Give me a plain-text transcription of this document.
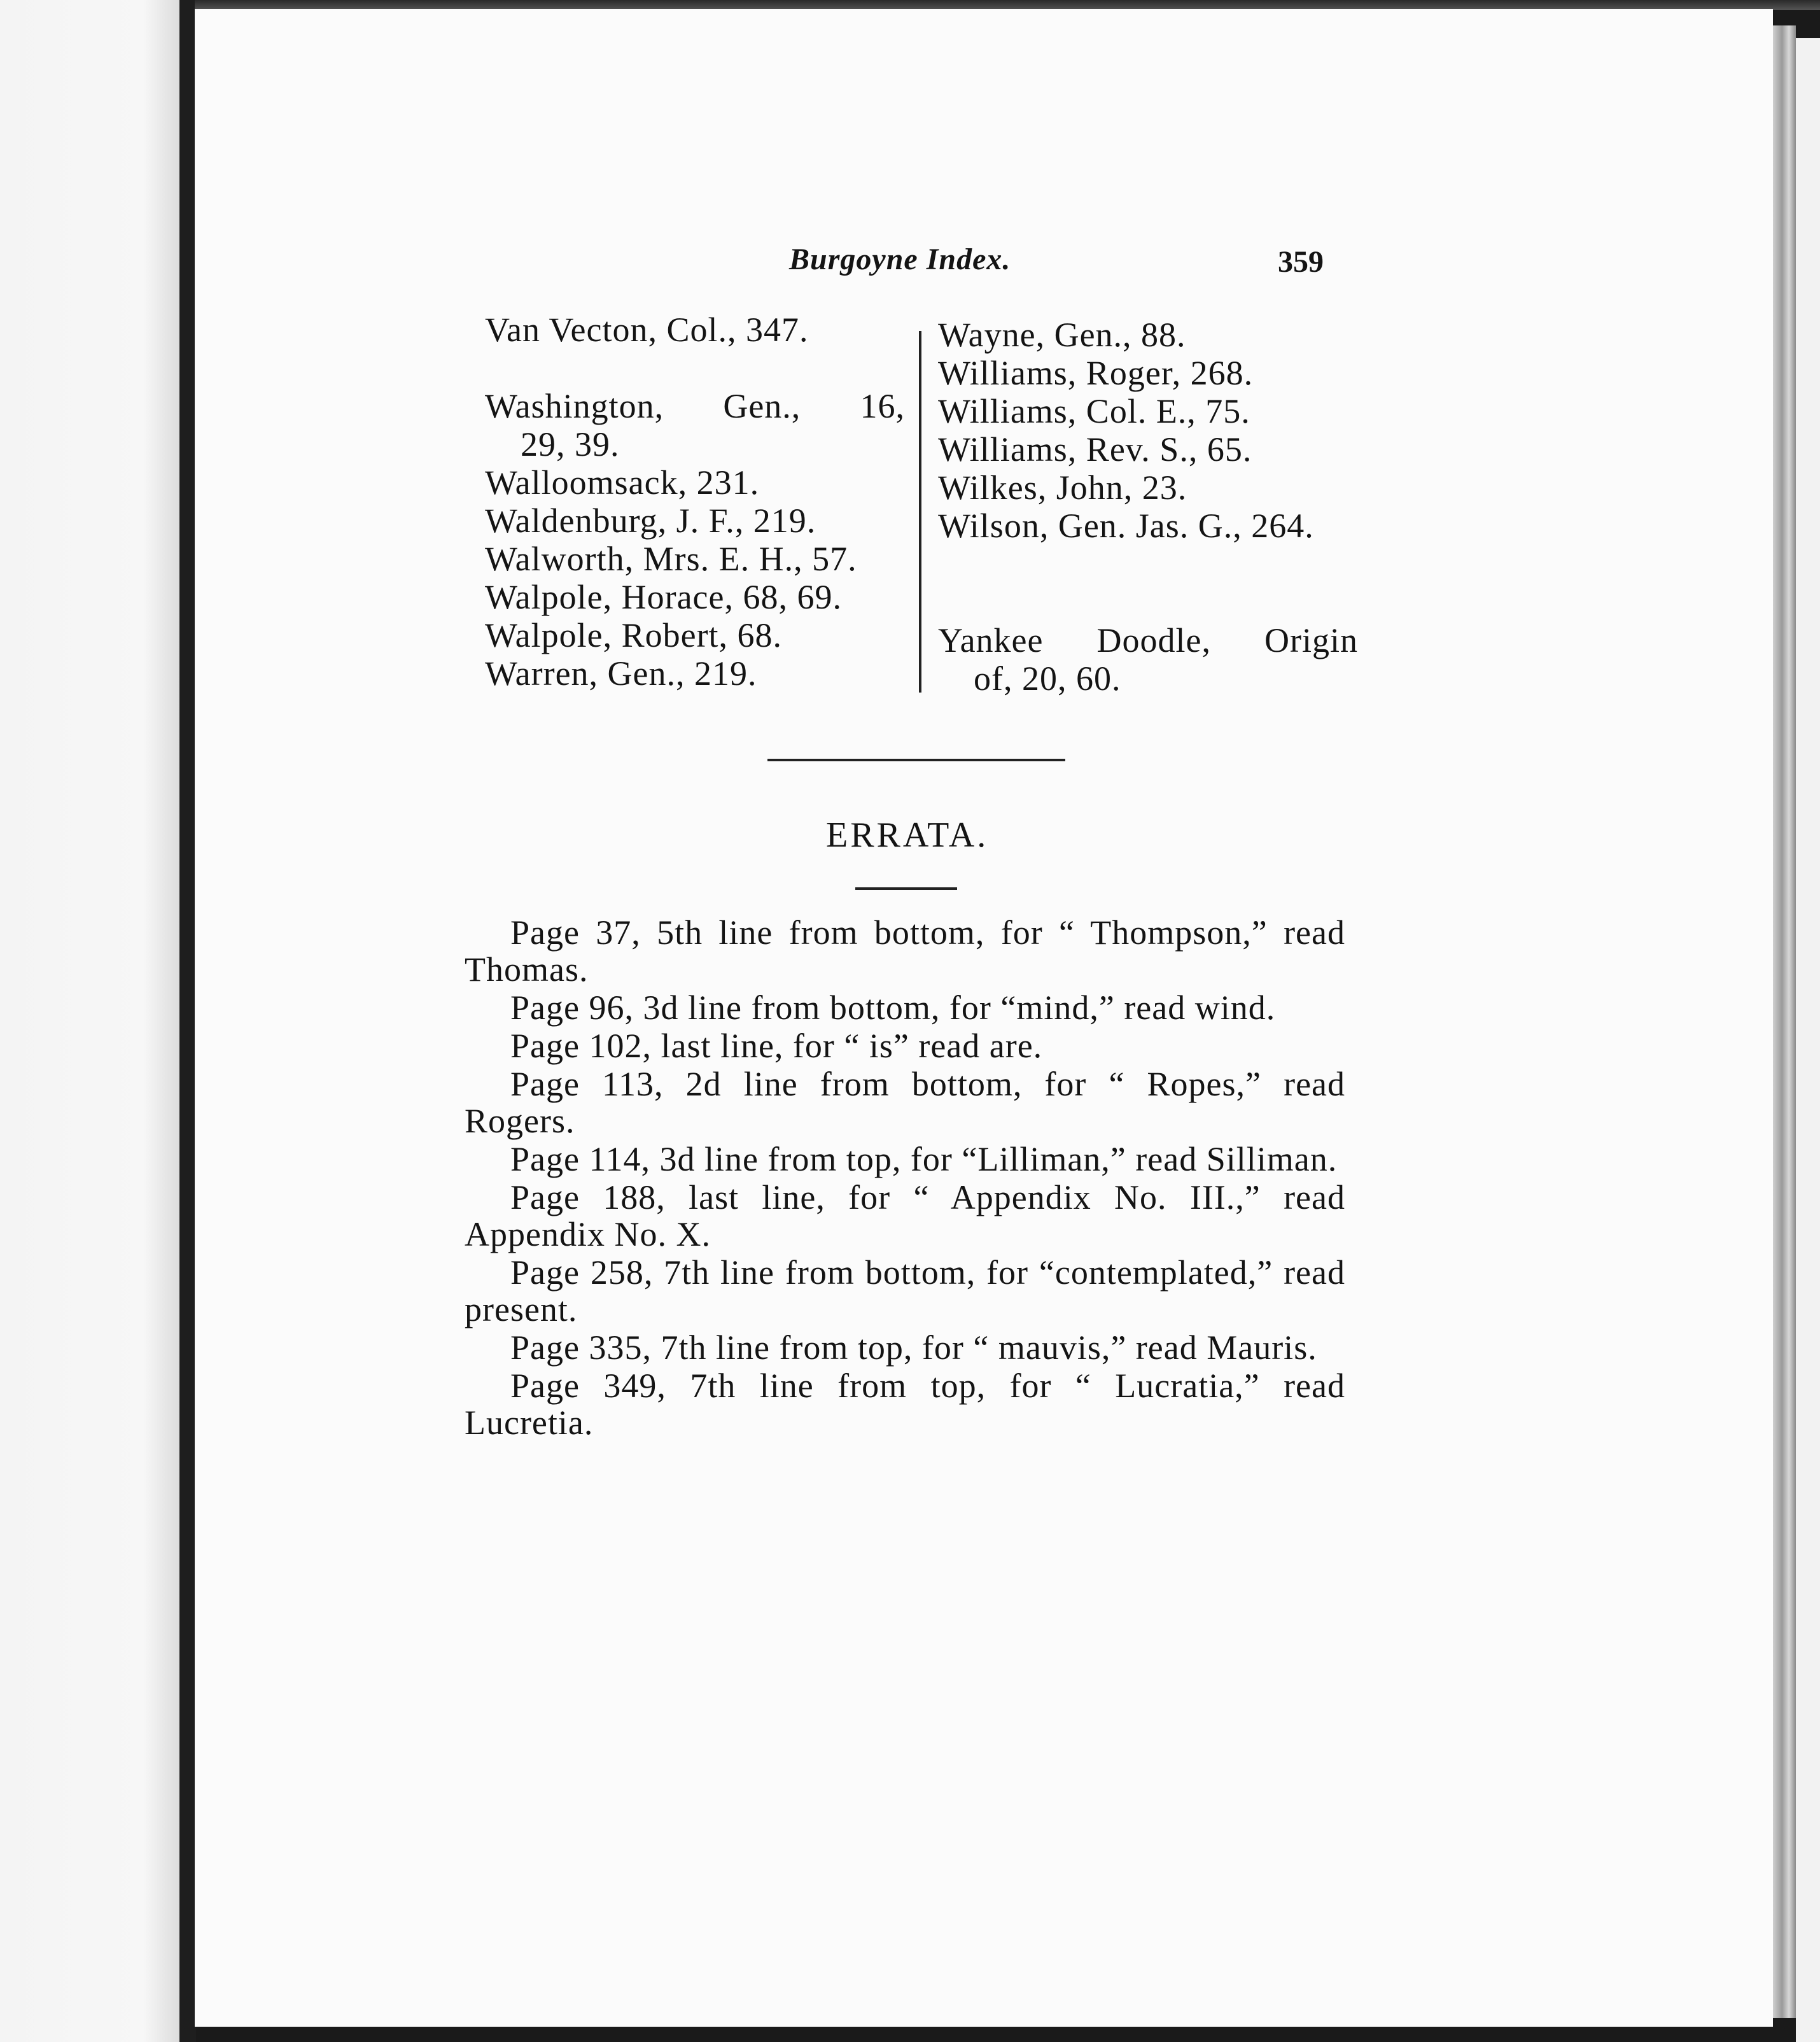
Burgoyne Index.	359
Van Vecton, Col., 347.
Washington, Gen., 16,
29, 39.
Walloomsack, 231.
Waldenburg, J. F., 219.
Walworth, Mrs. E. H., 57.
Walpole, Horace, 68, 69.
Walpole, Robert, 68.
Warren, Gen., 219.
Wayne, Gen., 88.
Williams, Roger, 268.
Williams, Col. E., 75.
Williams, Rev. S., 65.
Wilkes, John, 23.
Wilson, Gen. Jas. G., 264.
Yankee Doodle, Origin
of, 20, 60.
ERRATA.

Page 37, 5th line from bottom, for “ Thompson,” read Thomas.

Page 96, 3d line from bottom, for “mind,” read wind.

Page 102, last line, for “ is” read are.

Page 113, 2d line from bottom, for “ Ropes,” read Rogers.

Page 114, 3d line from top, for “Lilliman,” read Silliman.

Page 188, last line, for “ Appendix No. III.,” read Appendix No. X.

Page 258, 7th line from bottom, for “contemplated,” read present.

Page 335, 7th line from top, for “ mauvis,” read Mauris.

Page 349, 7th line from top, for “ Lucratia,” read Lucretia.
